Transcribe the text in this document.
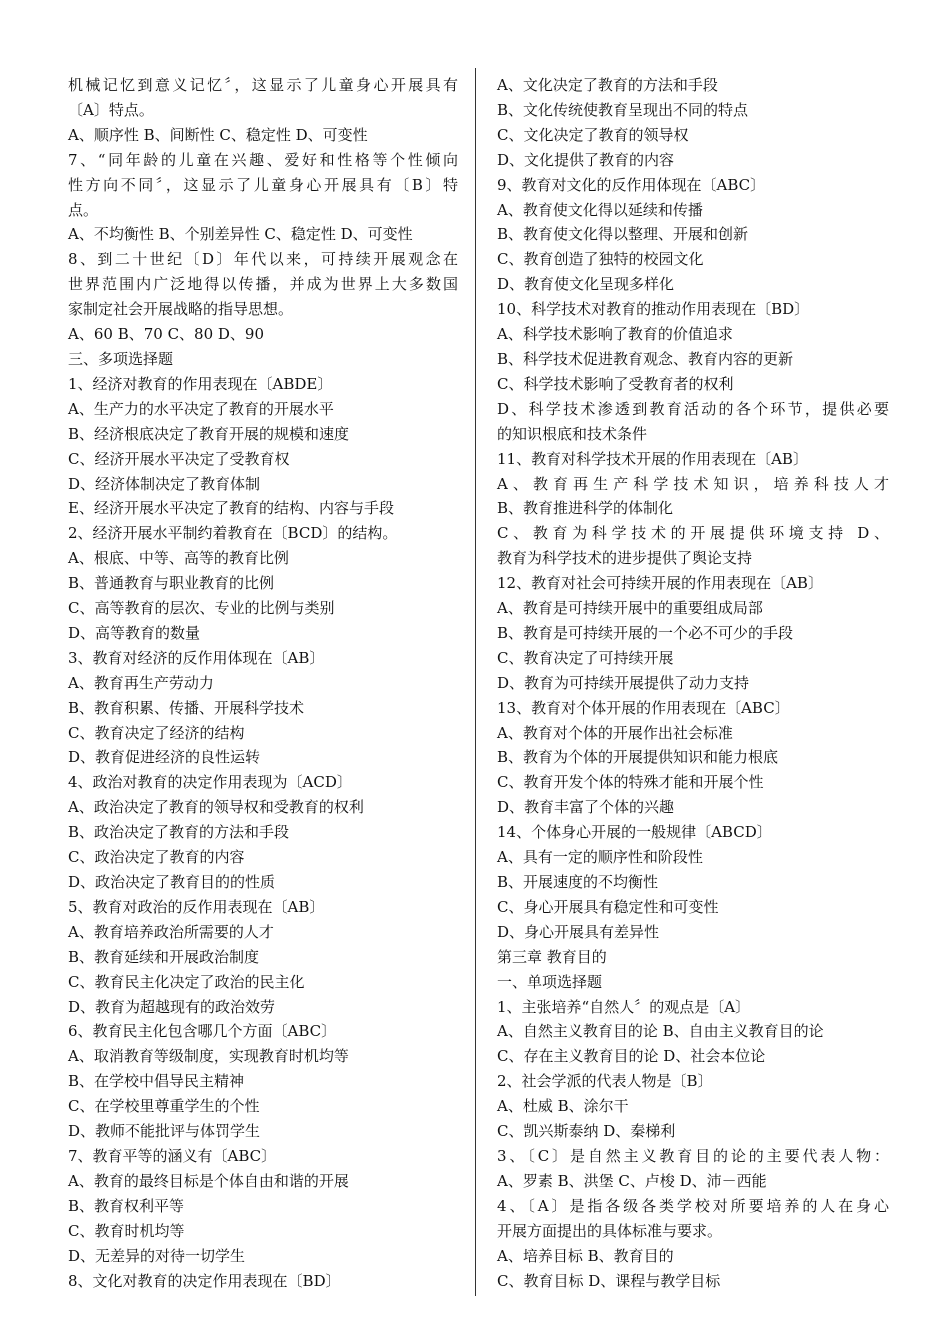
机械记忆到意义记忆〞，这显示了儿童身心开展具有
〔A〕特点。
A、顺序性 B、间断性 C、稳定性 D、可变性
7、“同年龄的儿童在兴趣、爱好和性格等个性倾向
性方向不同〞，这显示了儿童身心开展具有〔B〕特
点。
A、不均衡性 B、个别差异性 C、稳定性 D、可变性
8、到二十世纪〔D〕年代以来，可持续开展观念在
世界范围内广泛地得以传播，并成为世界上大多数国
家制定社会开展战略的指导思想。
A、60 B、70 C、80 D、90
三、多项选择题
1、经济对教育的作用表现在〔ABDE〕
A、生产力的水平决定了教育的开展水平
B、经济根底决定了教育开展的规模和速度
C、经济开展水平决定了受教育权
D、经济体制决定了教育体制
E、经济开展水平决定了教育的结构、内容与手段
2、经济开展水平制约着教育在〔BCD〕的结构。
A、根底、中等、高等的教育比例
B、普通教育与职业教育的比例
C、高等教育的层次、专业的比例与类别
D、高等教育的数量
3、教育对经济的反作用体现在〔AB〕
A、教育再生产劳动力
B、教育积累、传播、开展科学技术
C、教育决定了经济的结构
D、教育促进经济的良性运转
4、政治对教育的决定作用表现为〔ACD〕
A、政治决定了教育的领导权和受教育的权利
B、政治决定了教育的方法和手段
C、政治决定了教育的内容
D、政治决定了教育目的的性质
5、教育对政治的反作用表现在〔AB〕
A、教育培养政治所需要的人才
B、教育延续和开展政治制度
C、教育民主化决定了政治的民主化
D、教育为超越现有的政治效劳
6、教育民主化包含哪几个方面〔ABC〕
A、取消教育等级制度，实现教育时机均等
B、在学校中倡导民主精神
C、在学校里尊重学生的个性
D、教师不能批评与体罚学生
7、教育平等的涵义有〔ABC〕
A、教育的最终目标是个体自由和谐的开展
B、教育权利平等
C、教育时机均等
D、无差异的对待一切学生
8、文化对教育的决定作用表现在〔BD〕
A、文化决定了教育的方法和手段
B、文化传统使教育呈现出不同的特点
C、文化决定了教育的领导权
D、文化提供了教育的内容
9、教育对文化的反作用体现在〔ABC〕
A、教育使文化得以延续和传播
B、教育使文化得以整理、开展和创新
C、教育创造了独特的校园文化
D、教育使文化呈现多样化
10、科学技术对教育的推动作用表现在〔BD〕
A、科学技术影响了教育的价值追求
B、科学技术促进教育观念、教育内容的更新
C、科学技术影响了受教育者的权利
D、科学技术渗透到教育活动的各个环节，提供必要
的知识根底和技术条件
11、教育对科学技术开展的作用表现在〔AB〕
A、教育再生产科学技术知识，培养科技人才
B、教育推进科学的体制化
C、教育为科学技术的开展提供环境支持 D、
教育为科学技术的进步提供了舆论支持
12、教育对社会可持续开展的作用表现在〔AB〕
A、教育是可持续开展中的重要组成局部
B、教育是可持续开展的一个必不可少的手段
C、教育决定了可持续开展
D、教育为可持续开展提供了动力支持
13、教育对个体开展的作用表现在〔ABC〕
A、教育对个体的开展作出社会标准
B、教育为个体的开展提供知识和能力根底
C、教育开发个体的特殊才能和开展个性
D、教育丰富了个体的兴趣
14、个体身心开展的一般规律〔ABCD〕
A、具有一定的顺序性和阶段性
B、开展速度的不均衡性
C、身心开展具有稳定性和可变性
D、身心开展具有差异性
第三章 教育目的
一、单项选择题
1、主张培养“自然人〞的观点是〔A〕
A、自然主义教育目的论 B、自由主义教育目的论
C、存在主义教育目的论 D、社会本位论
2、社会学派的代表人物是〔B〕
A、杜威 B、涂尔干
C、凯兴斯泰纳 D、秦梯利
3、〔C〕是自然主义教育目的论的主要代表人物：
A、罗素 B、洪堡 C、卢梭 D、沛－西能
4、〔A〕是指各级各类学校对所要培养的人在身心
开展方面提出的具体标准与要求。
A、培养目标 B、教育目的
C、教育目标 D、课程与教学目标
